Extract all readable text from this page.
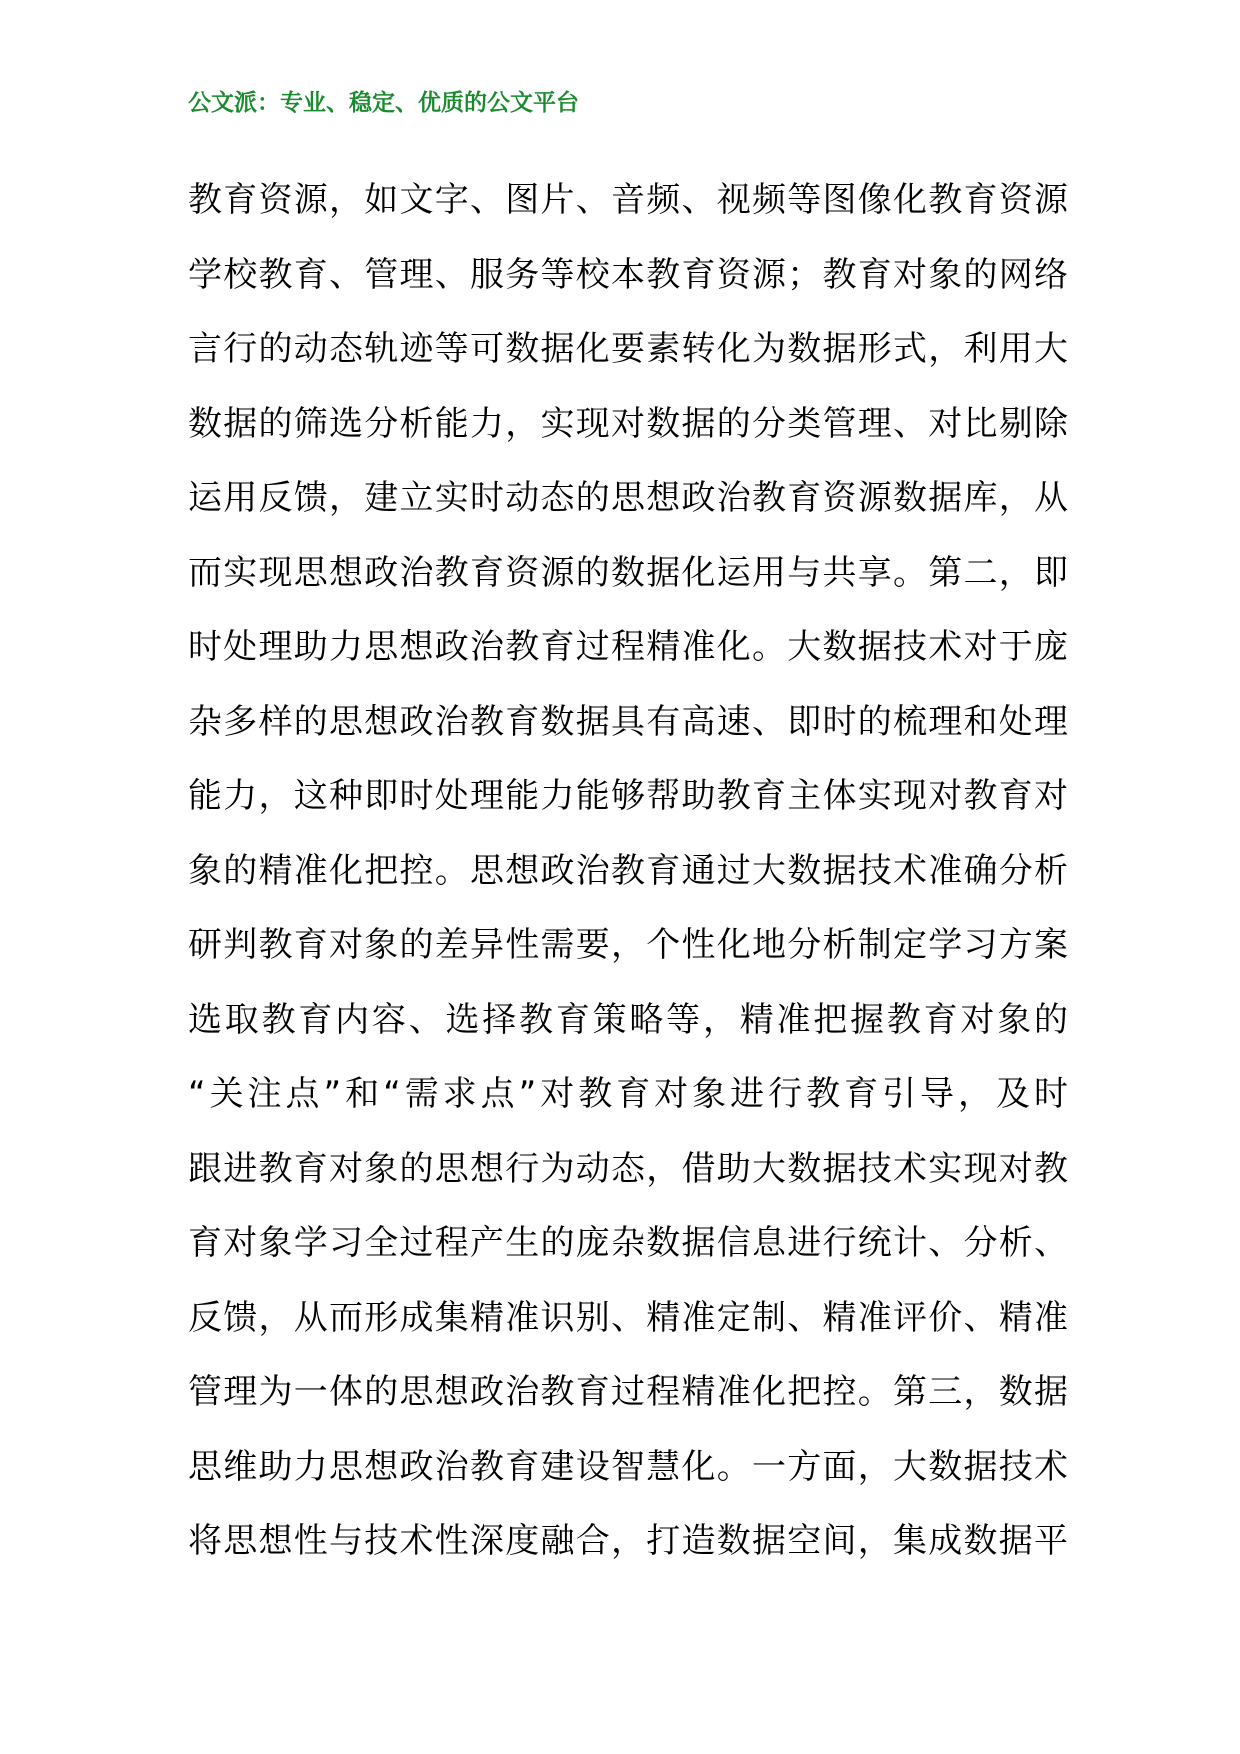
公文派：专业、稳定、优质的公文平台
教育资源，如文字、图片、音频、视频等图像化教育资源
学校教育、管理、服务等校本教育资源；教育对象的网络
言行的动态轨迹等可数据化要素转化为数据形式，利用大
数据的筛选分析能力，实现对数据的分类管理、对比剔除
运用反馈，建立实时动态的思想政治教育资源数据库，从
而实现思想政治教育资源的数据化运用与共享。第二，即
时处理助力思想政治教育过程精准化。大数据技术对于庞
杂多样的思想政治教育数据具有高速、即时的梳理和处理
能力，这种即时处理能力能够帮助教育主体实现对教育对
象的精准化把控。思想政治教育通过大数据技术准确分析
研判教育对象的差异性需要，个性化地分析制定学习方案
选取教育内容、选择教育策略等，精准把握教育对象的
“关注点”和“需求点”对教育对象进行教育引导，及时
跟进教育对象的思想行为动态，借助大数据技术实现对教
育对象学习全过程产生的庞杂数据信息进行统计、分析、
反馈，从而形成集精准识别、精准定制、精准评价、精准
管理为一体的思想政治教育过程精准化把控。第三，数据
思维助力思想政治教育建设智慧化。一方面，大数据技术
将思想性与技术性深度融合，打造数据空间，集成数据平
